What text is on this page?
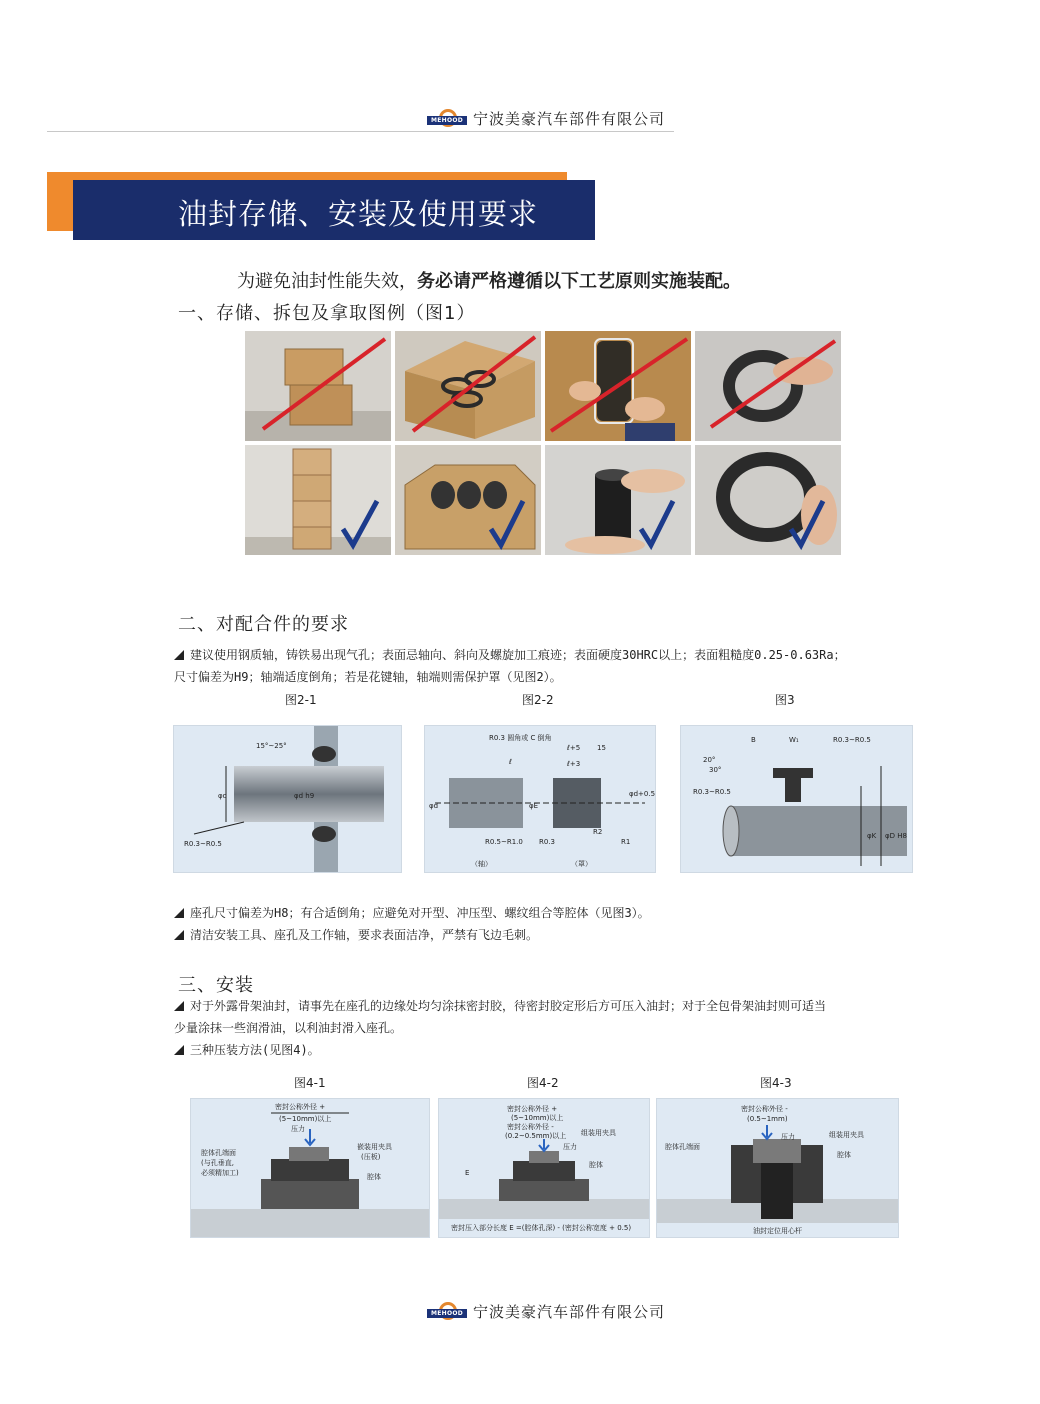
MEHOOD 宁波美豪汽车部件有限公司
油封存储、安装及使用要求
为避免油封性能失效，务必请严格遵循以下工艺原则实施装配。
一、存储、拆包及拿取图例（图1）
二、对配合件的要求
建议使用钢质轴，铸铁易出现气孔；表面忌轴向、斜向及螺旋加工痕迹；表面硬度30HRC以上；表面粗糙度0.25-0.63Ra；
尺寸偏差为H9；轴端适度倒角；若是花键轴，轴端则需保护罩（见图2）。
图2-1	图2-2	图3
15°~25°
R0.3~R0.5
φd	φd h9
R0.3 圆角或 C 倒角
ℓ
ℓ+5
ℓ+3
15
R0.5~R1.0 R0.3
R2
R1
φd	φE
φd+0.5
（轴）	（罩）
B	W₁
20°
30°
R0.3~R0.5
R0.3~R0.5
φK φD H8
座孔尺寸偏差为H8；有合适倒角；应避免对开型、冲压型、螺纹组合等腔体（见图3）。
清洁安装工具、座孔及工作轴，要求表面洁净，严禁有飞边毛刺。
三、安装
对于外露骨架油封，请事先在座孔的边缘处均匀涂抹密封胶，待密封胶定形后方可压入油封；对于全包骨架油封则可适当
少量涂抹一些润滑油，以利油封滑入座孔。
三种压装方法(见图4)。
图4-1	图4-2	图4-3
密封公称外径 +
(5~10mm)以上
压力
嵌装用夹具
(压板)
腔体孔端面
(与孔垂直,
必须精加工)	腔体
密封公称外径 +
(5~10mm)以上
密封公称外径 -
(0.2~0.5mm)以上
压力
组装用夹具
腔体
E
密封压入部分长度 E =(腔体孔深) - (密封公称宽度 + 0.5)
密封公称外径 -
(0.5~1mm)
压力	组装用夹具
腔体孔端面
腔体
油封定位用心杆
MEHOOD 宁波美豪汽车部件有限公司
